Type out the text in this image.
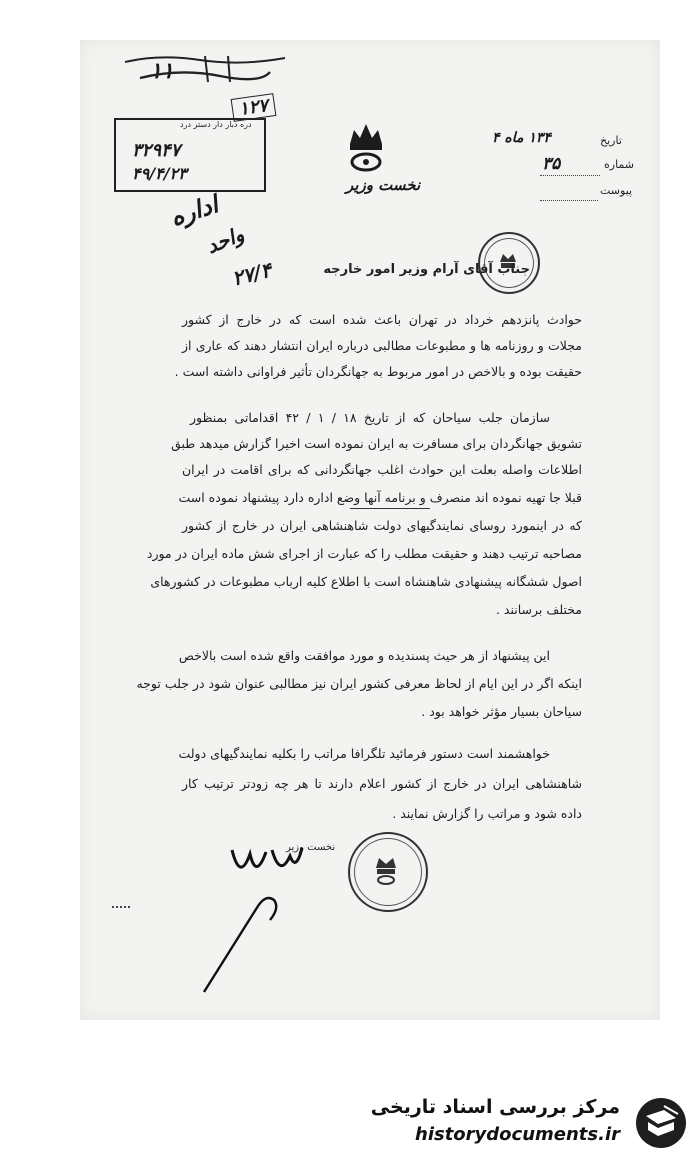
۱۱
۱۲۷
دره دبار دار دستر درد
۳۲۹۴۷
۴۹/۴/۲۳
نخست وزیر
تاریخ
۱۳۴ ماه ۴
شماره
۳۵
پیوست
اداره
واحد
۲۷/۴	جناب آقای آرام وزیر امور خارجه
حوادث پانزدهم خرداد در تهران باعث شده است که در خارج از کشور
مجلات و روزنامه ها و مطبوعات مطالبی درباره ایران انتشار دهند که عاری از
حقیقت بوده و بالاخص در امور مربوط به جهانگردان تأثیر فراوانی داشته است .
سازمان جلب سیاحان که از تاریخ ۱۸ / ۱ / ۴۲ اقداماتی بمنظور
تشویق جهانگردان برای مسافرت به ایران نموده است اخیرا گزارش میدهد طبق
اطلاعات واصله بعلت این حوادث اغلب جهانگردانی که برای اقامت در ایران
قبلا جا تهیه نموده اند منصرف و برنامه آنها وضع اداره دارد پیشنهاد نموده است
که در اینمورد روسای نمایندگیهای دولت شاهنشاهی ایران در خارج از کشور
مصاحبه ترتیب دهند و حقیقت مطلب را که عبارت از اجرای شش ماده ایران در مورد
اصول ششگانه پیشنهادی شاهنشاه است با اطلاع کلیه ارباب مطبوعات در کشورهای
مختلف برسانند .
این پیشنهاد از هر حیث پسندیده و مورد موافقت واقع شده است بالاخص
اینکه اگر در این ایام از لحاظ معرفی کشور ایران نیز مطالبی عنوان شود در جلب توجه
سیاحان بسیار مؤثر خواهد بود .
خواهشمند است دستور فرمائید تلگرافا مراتب را بکلیه نمایندگیهای دولت
شاهنشاهی ایران در خارج از کشور اعلام دارند تا هر چه زودتر ترتیب کار
داده شود و مراتب را گزارش نمایند .
نخست وزیر
مرکز بررسی اسناد تاریخی
historydocuments.ir
